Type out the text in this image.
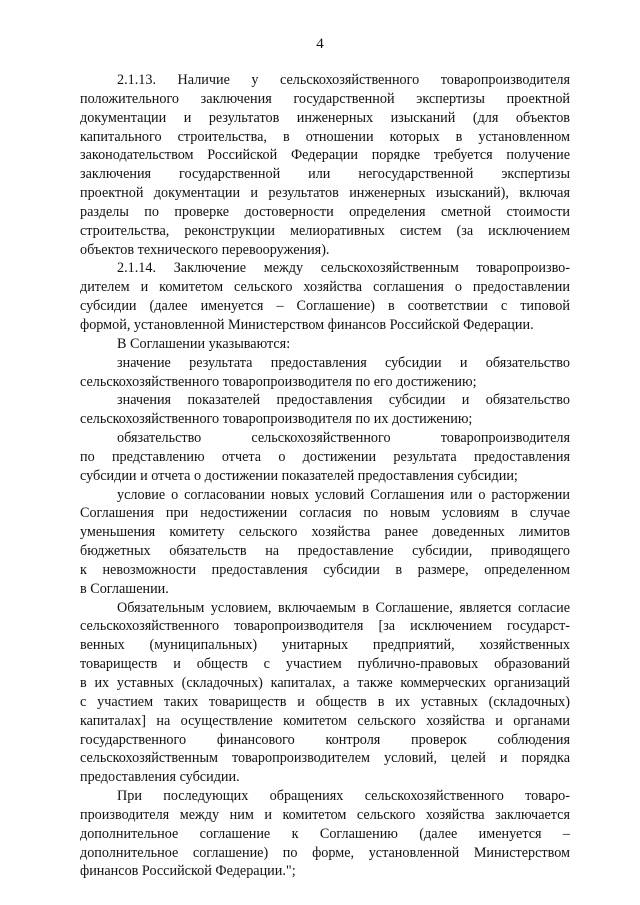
4
2.1.13. Наличие у сельскохозяйственного товаропроизводителя
положительного заключения государственной экспертизы проектной
документации и результатов инженерных изысканий (для объектов
капитального строительства, в отношении которых в установленном
законодательством Российской Федерации порядке требуется получение
заключения государственной или негосударственной экспертизы
проектной документации и результатов инженерных изысканий), включая
разделы по проверке достоверности определения сметной стоимости
строительства, реконструкции мелиоративных систем (за исключением
объектов технического перевооружения).
2.1.14. Заключение между сельскохозяйственным товаропроизво-
дителем и комитетом сельского хозяйства соглашения о предоставлении
субсидии (далее именуется – Соглашение) в соответствии с типовой
формой, установленной Министерством финансов Российской Федерации.
В Соглашении указываются:
значение результата предоставления субсидии и обязательство
сельскохозяйственного товаропроизводителя по его достижению;
значения показателей предоставления субсидии и обязательство
сельскохозяйственного товаропроизводителя по их достижению;
обязательство сельскохозяйственного товаропроизводителя
по представлению отчета о достижении результата предоставления
субсидии и отчета о достижении показателей предоставления субсидии;
условие о согласовании новых условий Соглашения или о расторжении
Соглашения при недостижении согласия по новым условиям в случае
уменьшения комитету сельского хозяйства ранее доведенных лимитов
бюджетных обязательств на предоставление субсидии, приводящего
к невозможности предоставления субсидии в размере, определенном
в Соглашении.
Обязательным условием, включаемым в Соглашение, является согласие
сельскохозяйственного товаропроизводителя [за исключением государст-
венных (муниципальных) унитарных предприятий, хозяйственных
товариществ и обществ с участием публично-правовых образований
в их уставных (складочных) капиталах, а также коммерческих организаций
с участием таких товариществ и обществ в их уставных (складочных)
капиталах] на осуществление комитетом сельского хозяйства и органами
государственного финансового контроля проверок соблюдения
сельскохозяйственным товаропроизводителем условий, целей и порядка
предоставления субсидии.
При последующих обращениях сельскохозяйственного товаро-
производителя между ним и комитетом сельского хозяйства заключается
дополнительное соглашение к Соглашению (далее именуется –
дополнительное соглашение) по форме, установленной Министерством
финансов Российской Федерации.";
